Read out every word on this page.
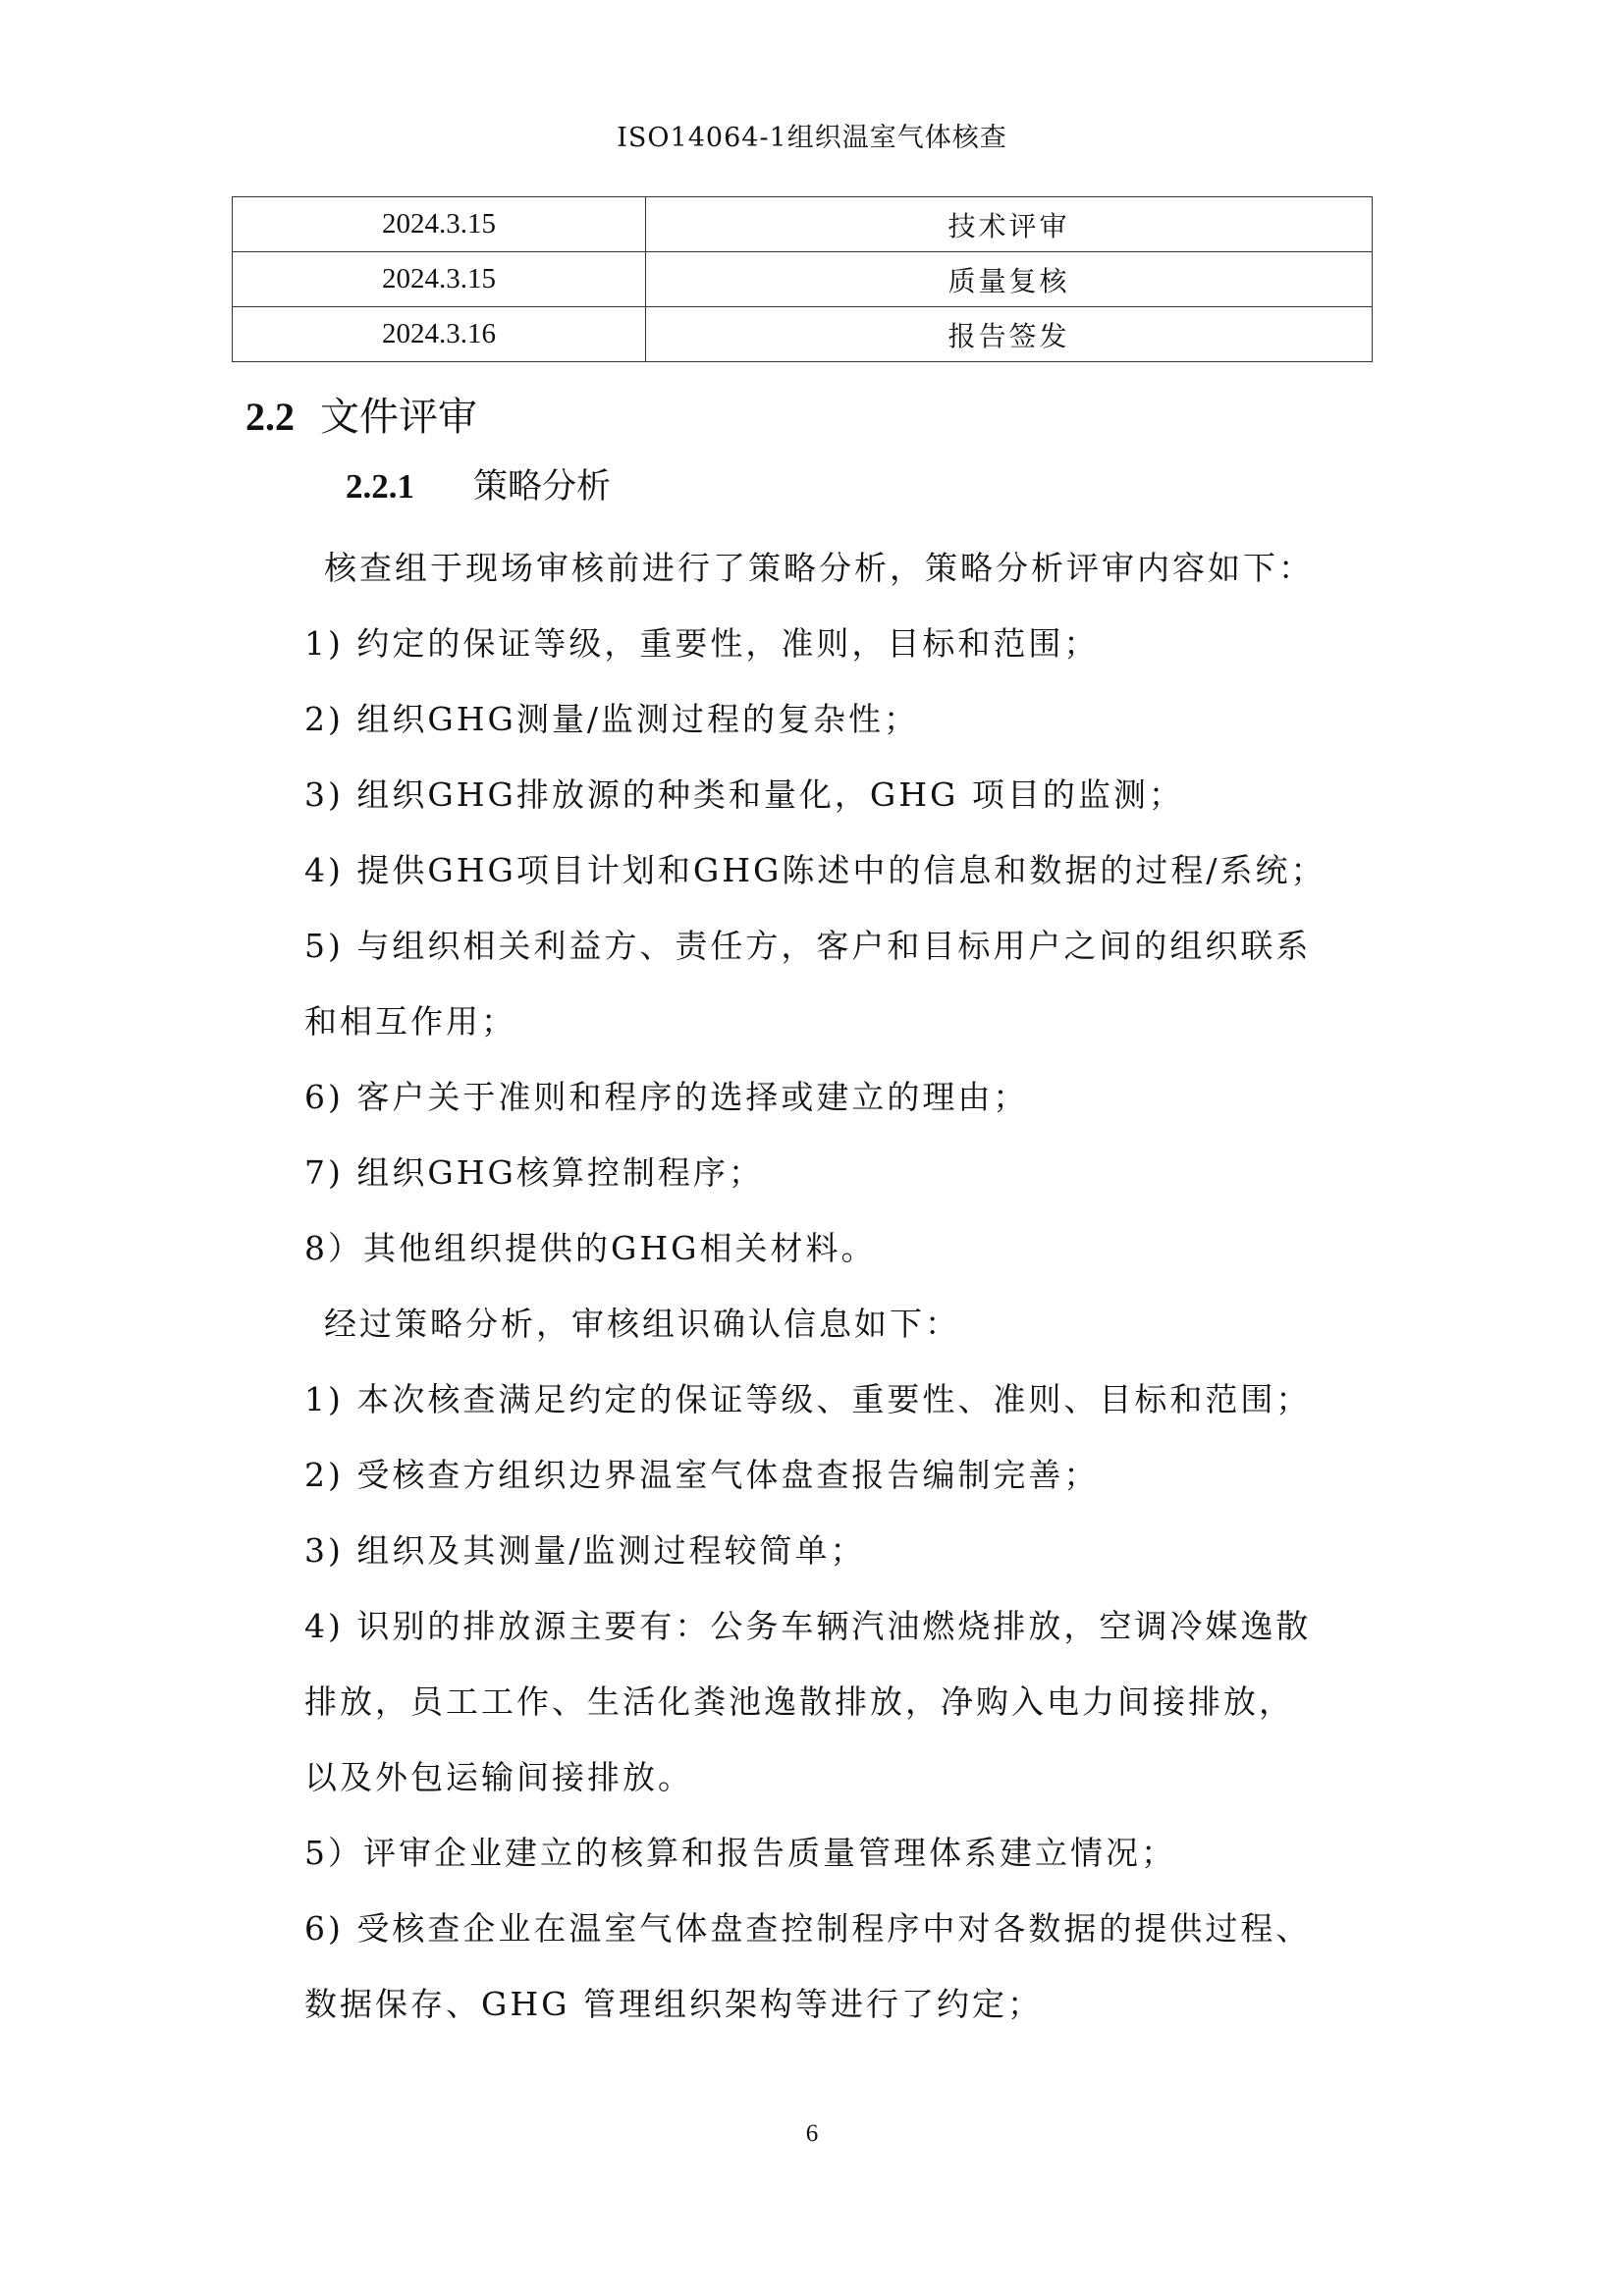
ISO14064-1组织温室气体核查
2024.3.15	技术评审
2024.3.15	质量复核
2024.3.16	报告签发
2.2 文件评审
2.2.1 策略分析
核查组于现场审核前进行了策略分析，策略分析评审内容如下：
1) 约定的保证等级，重要性，准则，目标和范围；
2) 组织GHG测量/监测过程的复杂性；
3) 组织GHG排放源的种类和量化，GHG 项目的监测；
4) 提供GHG项目计划和GHG陈述中的信息和数据的过程/系统；
5) 与组织相关利益方、责任方，客户和目标用户之间的组织联系
和相互作用；
6) 客户关于准则和程序的选择或建立的理由；
7) 组织GHG核算控制程序；
8）其他组织提供的GHG相关材料。
经过策略分析，审核组识确认信息如下：
1) 本次核查满足约定的保证等级、重要性、准则、目标和范围；
2) 受核查方组织边界温室气体盘查报告编制完善；
3) 组织及其测量/监测过程较简单；
4) 识别的排放源主要有：公务车辆汽油燃烧排放，空调冷媒逸散
排放，员工工作、生活化粪池逸散排放，净购入电力间接排放，
以及外包运输间接排放。
5）评审企业建立的核算和报告质量管理体系建立情况；
6) 受核查企业在温室气体盘查控制程序中对各数据的提供过程、
数据保存、GHG 管理组织架构等进行了约定；
6
